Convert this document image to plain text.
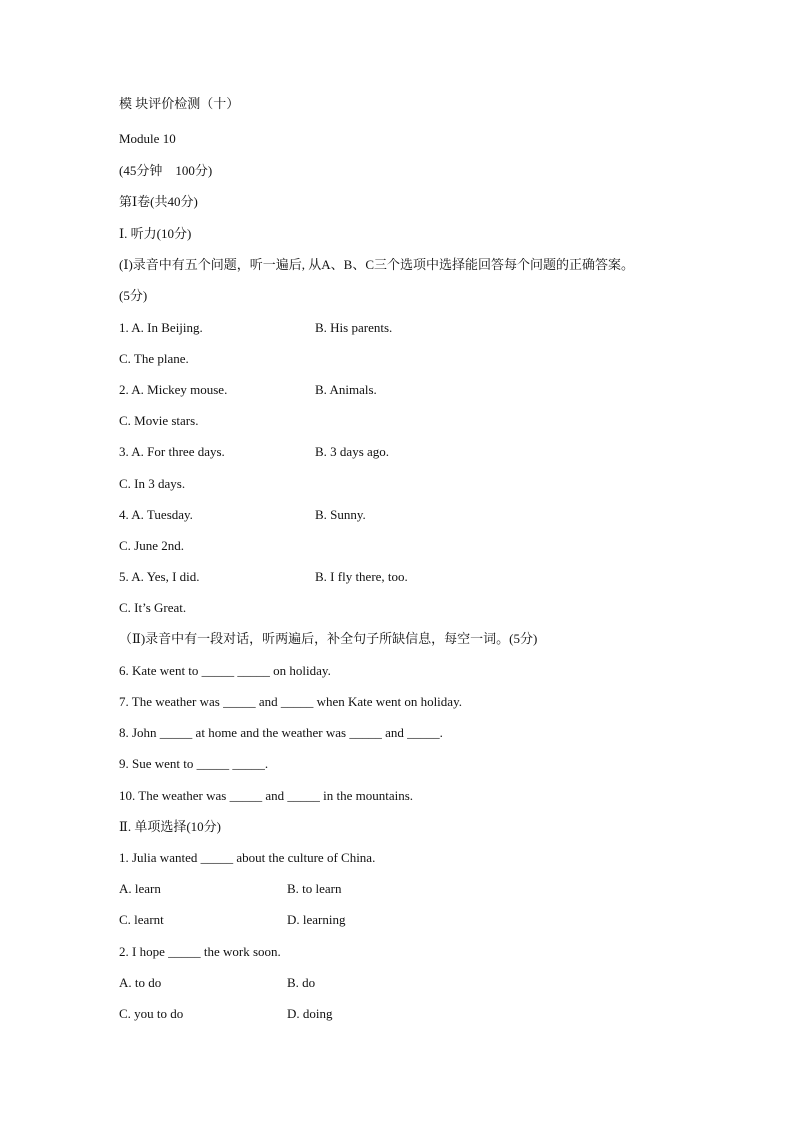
模 块评价检测（十）
Module 10
(45分钟    100分)
第Ⅰ卷(共40分)
Ⅰ. 听力(10分)
(Ⅰ)录音中有五个问题，听一遍后, 从A、B、C三个选项中选择能回答每个问题的正确答案。
(5分)
1. A. In Beijing.	B. His parents.
C. The plane.
2. A. Mickey mouse.	B. Animals.
C. Movie stars.
3. A. For three days.	B. 3 days ago.
C. In 3 days.
4. A. Tuesday.	B. Sunny.
C. June 2nd.
5. A. Yes, I did.	B. I fly there, too.
C. It’s Great.
（Ⅱ)录音中有一段对话，听两遍后，补全句子所缺信息，每空一词。(5分)
6. Kate went to _____ _____ on holiday.
7. The weather was _____ and _____ when Kate went on holiday.
8. John _____ at home and the weather was _____ and _____.
9. Sue went to _____ _____.
10. The weather was _____ and _____ in the mountains.
Ⅱ. 单项选择(10分)
1. Julia wanted _____ about the culture of China.
A. learn	B. to learn
C. learnt	D. learning
2. I hope _____ the work soon.
A. to do	B. do
C. you to do	D. doing
